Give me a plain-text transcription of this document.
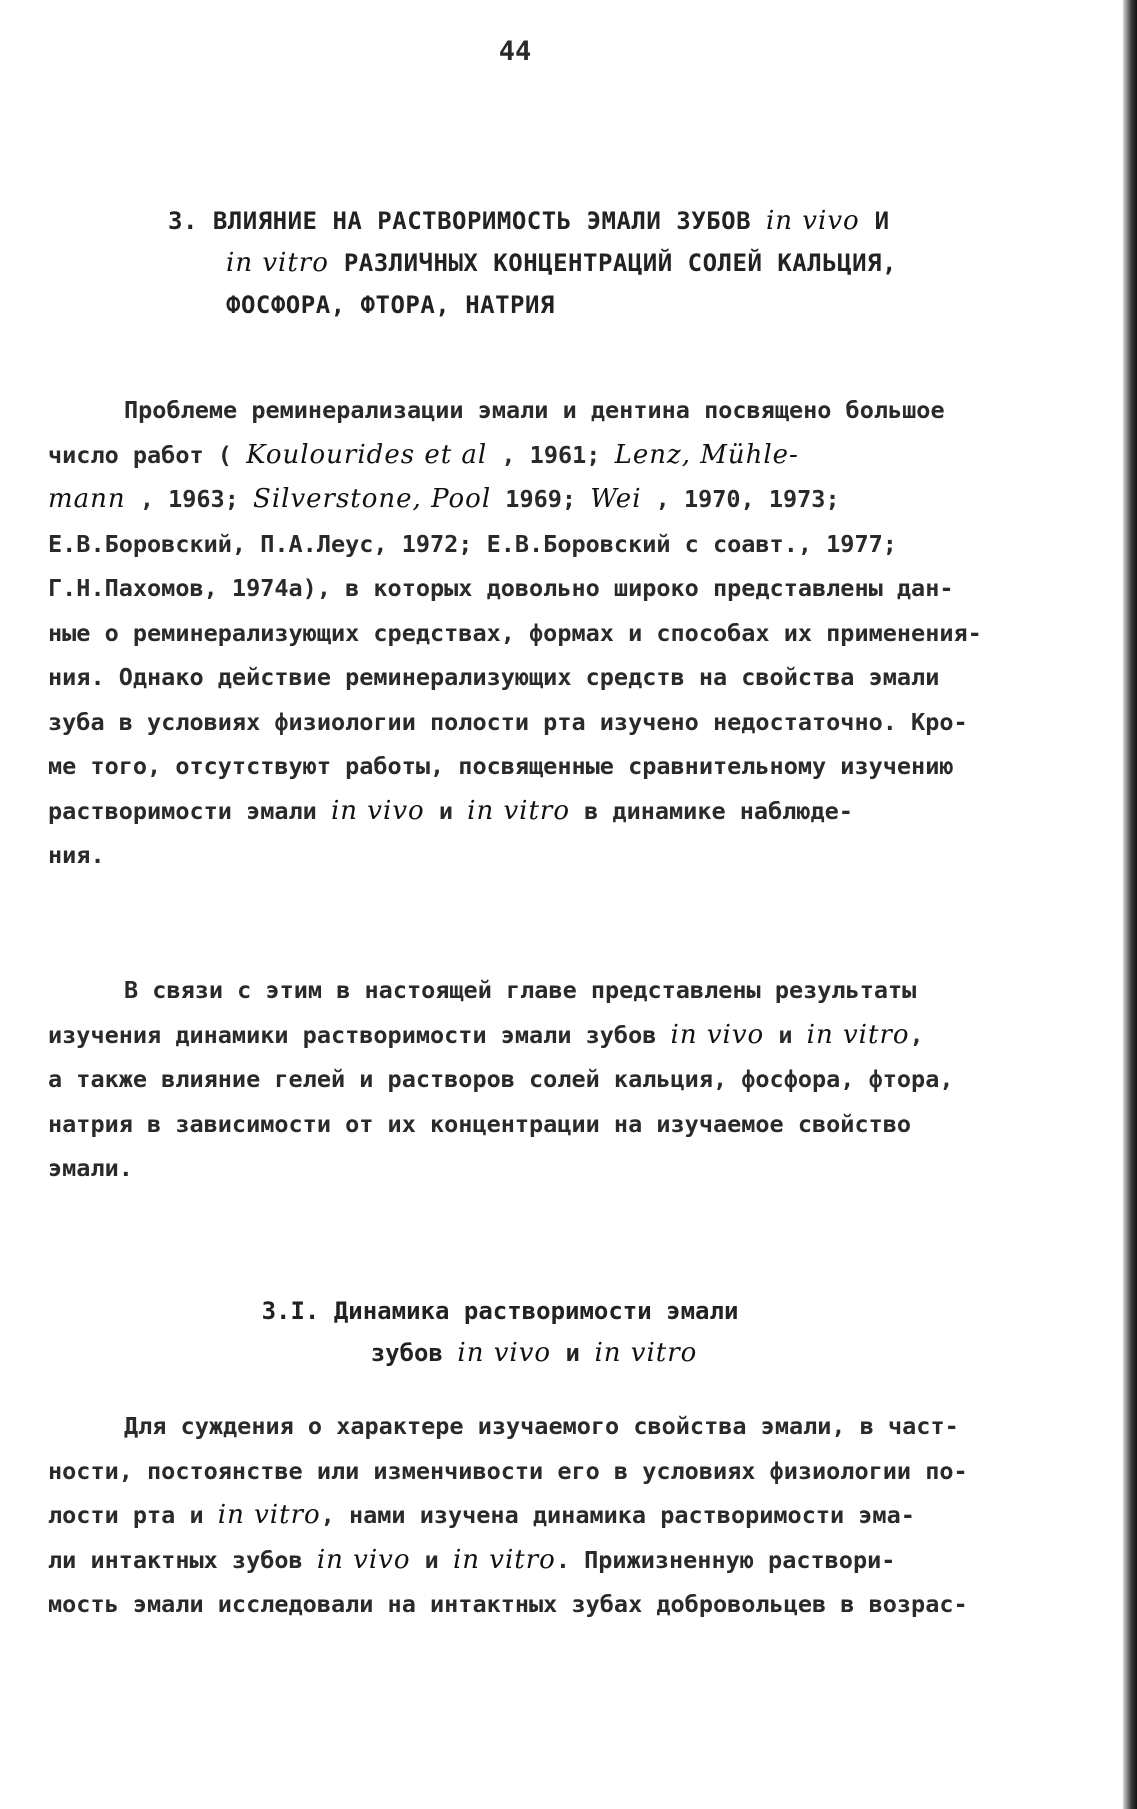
44
3. ВЛИЯНИЕ НА РАСТВОРИМОСТЬ ЭМАЛИ ЗУБОВ in vivo И
in vitro РАЗЛИЧНЫХ КОНЦЕНТРАЦИЙ СОЛЕЙ КАЛЬЦИЯ,
ФОСФОРА, ФТОРА, НАТРИЯ
Проблеме реминерализации эмали и дентина посвящено большое
число работ ( Koulourides et al , 1961; Lenz, Mühle-
mann , 1963; Silverstone, Pool 1969; Wei , 1970, 1973;
Е.В.Боровский, П.А.Леус, 1972; Е.В.Боровский с соавт., 1977;
Г.Н.Пахомов, 1974а), в которых довольно широко представлены дан-
ные о реминерализующих средствах, формах и способах их применения-
ния. Однако действие реминерализующих средств на свойства эмали
зуба в условиях физиологии полости рта изучено недостаточно. Кро-
ме того, отсутствуют работы, посвященные сравнительному изучению
растворимости эмали in vivo и in vitro в динамике наблюде-
ния.
В связи с этим в настоящей главе представлены результаты
изучения динамики растворимости эмали зубов in vivo и in vitro,
а также влияние гелей и растворов солей кальция, фосфора, фтора,
натрия в зависимости от их концентрации на изучаемое свойство
эмали.
3.I. Динамика растворимости эмали
зубов in vivo и in vitro
Для суждения о характере изучаемого свойства эмали, в част-
ности, постоянстве или изменчивости его в условиях физиологии по-
лости рта и in vitro, нами изучена динамика растворимости эма-
ли интактных зубов in vivo и in vitro. Прижизненную раствори-
мость эмали исследовали на интактных зубах добровольцев в возрас-
